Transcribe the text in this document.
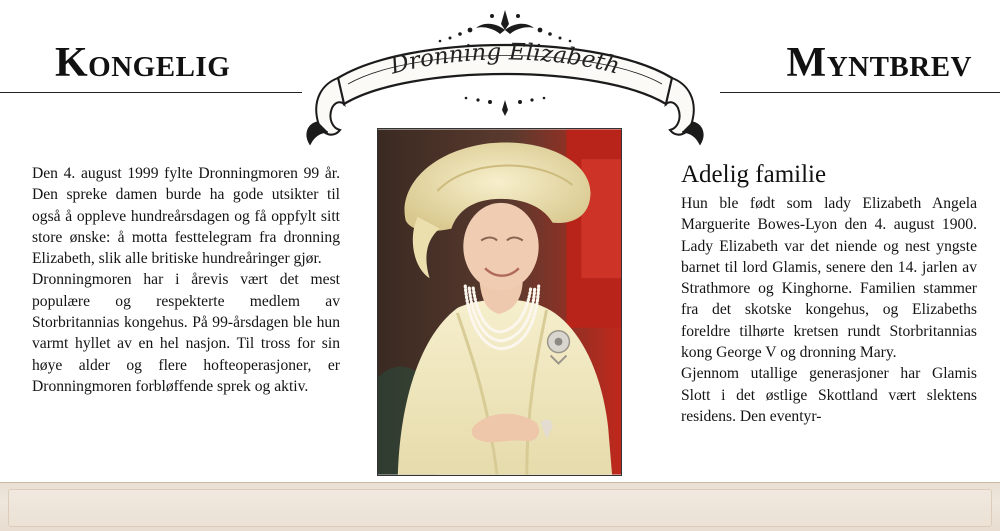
Kongelig	Dronning Elizabeth	Myntbrev

Den 4. august 1999 fylte Dronningmoren 99 år. Den spreke damen burde ha gode utsikter til også å oppleve hundreårsdagen og få oppfylt sitt store ønske: å motta festtelegram fra dronning Elizabeth, slik alle britiske hundreåringer gjør.

Dronningmoren har i årevis vært det mest populære og respekterte medlem av Storbritannias kongehus. På 99-årsdagen ble hun varmt hyllet av en hel nasjon. Til tross for sin høye alder og flere hofteoperasjoner, er Dronningmoren forbløffende sprek og aktiv.

Adelig familie

Hun ble født som lady Elizabeth Angela Marguerite Bowes-Lyon den 4. august 1900. Lady Elizabeth var det niende og nest yngste barnet til lord Glamis, senere den 14. jarlen av Strathmore og Kinghorne. Familien stammer fra det skotske kongehus, og Elizabeths foreldre tilhørte kretsen rundt Storbritannias kong George V og dronning Mary.

Gjennom utallige generasjoner har Glamis Slott i det østlige Skottland vært slektens residens. Den eventyr-
